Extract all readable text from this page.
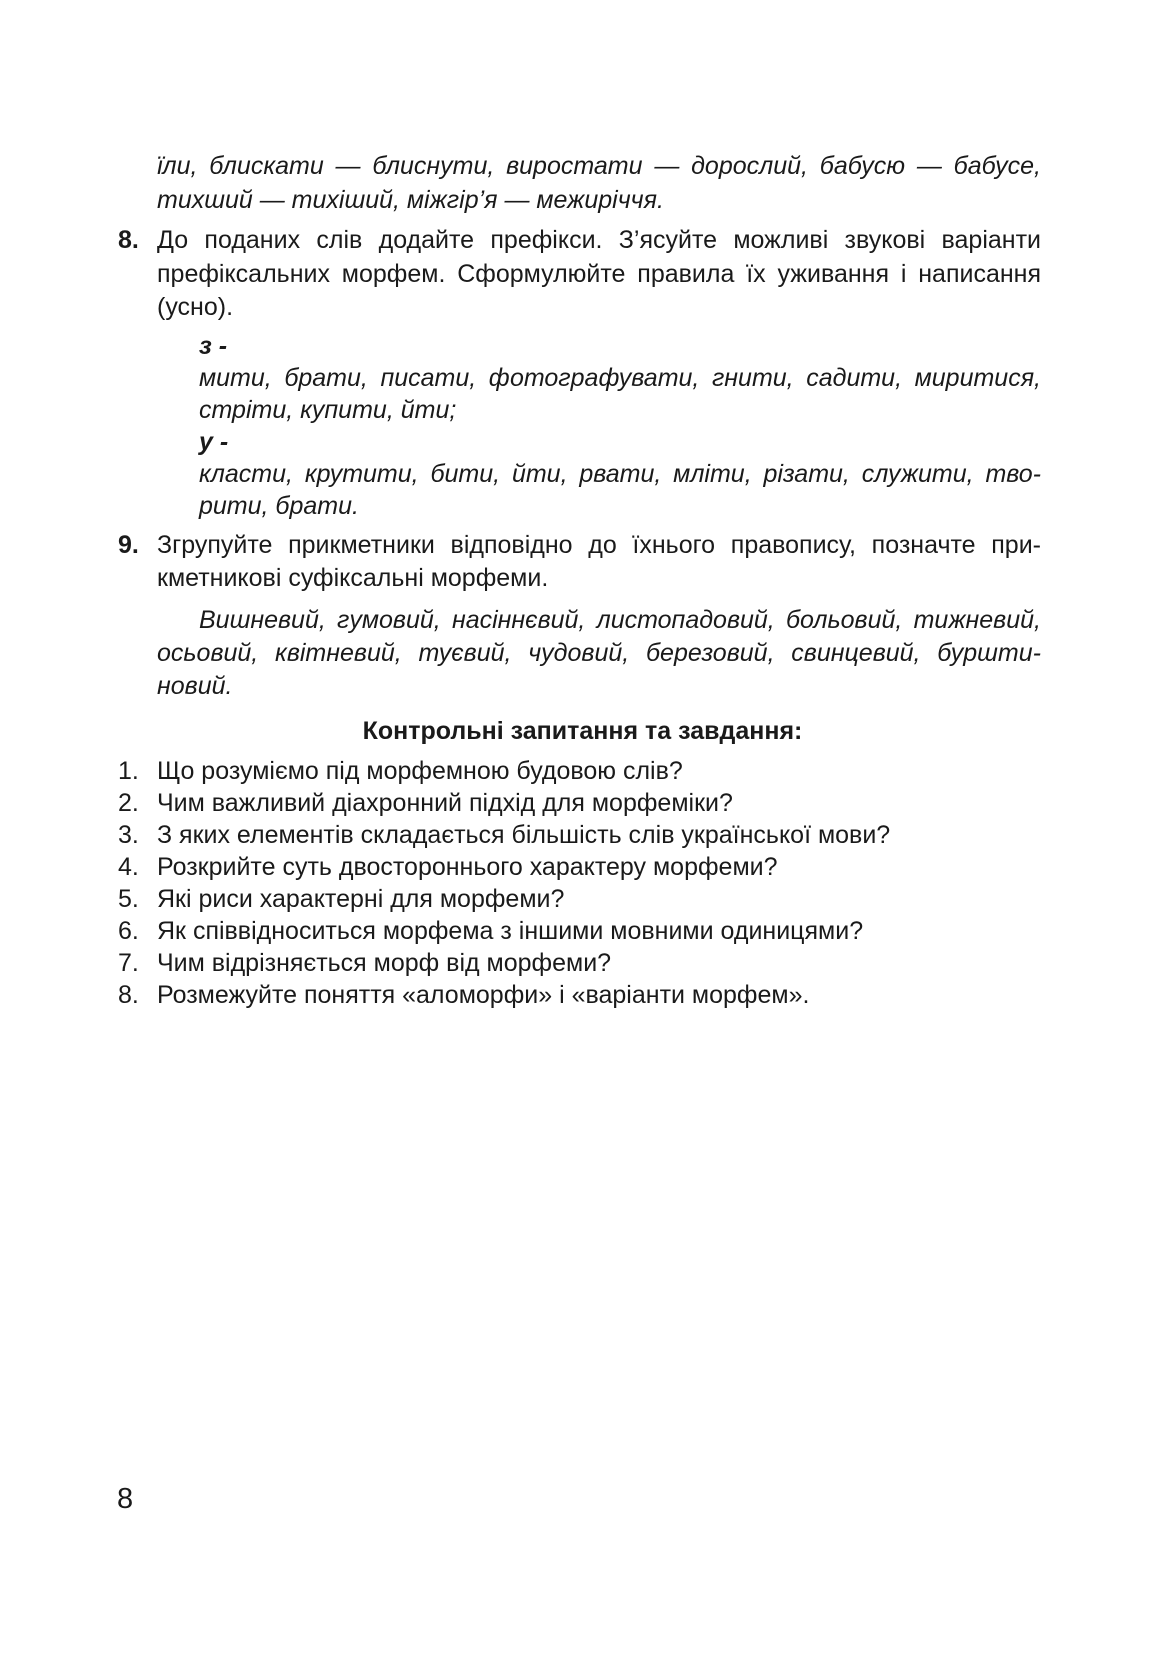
їли, блискати — блиснути, виростати — дорослий, бабусю — бабусе,
тихший — тихіший, міжгір’я — межиріччя.
8. До поданих слів додайте префікси. З’ясуйте можливі звукові варіанти
префіксальних морфем. Сформулюйте правила їх уживання і написання
(усно).
з -
мити, брати, писати, фотографувати, гнити, садити, миритися,
стріти, купити, йти;
у -
класти, крутити, бити, йти, рвати, мліти, різати, служити, тво-
рити, брати.
9. Згрупуйте прикметники відповідно до їхнього правопису, позначте при-
кметникові суфіксальні морфеми.
Вишневий, гумовий, насіннєвий, листопадовий, больовий, тижневий,
осьовий, квітневий, туєвий, чудовий, березовий, свинцевий, буршти-
новий.
Контрольні запитання та завдання:
1. Що розуміємо під морфемною будовою слів?
2. Чим важливий діахронний підхід для морфеміки?
3. З яких елементів складається більшість слів української мови?
4. Розкрийте суть двостороннього характеру морфеми?
5. Які риси характерні для морфеми?
6. Як співвідноситься морфема з іншими мовними одиницями?
7. Чим відрізняється морф від морфеми?
8. Розмежуйте поняття «аломорфи» і «варіанти морфем».
8
